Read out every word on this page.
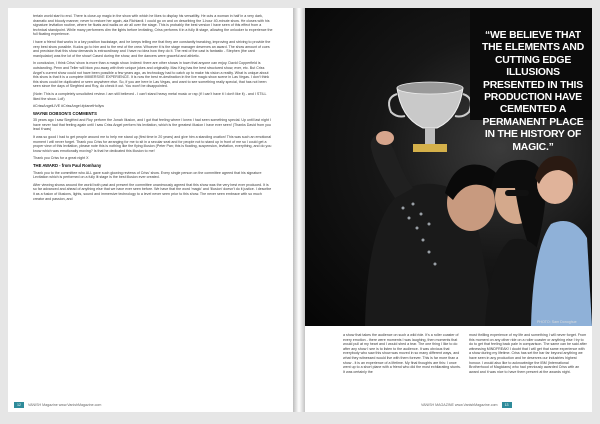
tertain world start to end. There is close-up magic in the show with which he likes to display his versatility. He cuts a woman in half in a very dark, dramatic and bloody manner, never to restore her again, ala Richiardi. I could go on and on describing the 1-hour 40-minute show. He closes with his signature levitation routine, where he floats and walks on air all over the stage. This is probably the best version I have seen of this effect from a technical standpoint. While many performers dim the lights before levitating, Criss performs it in a fully lit stage, allowing the onlooker to experience the full floating experience.

I have a friend that works in a key position backstage, and he keeps telling me that they are constantly tweaking, improving and striving to provide the very best show possible. Kudos go to him and to the rest of the crew. Whoever it is the stage manager deserves an award. The show amount of cues and precision that this show demands is extraordinary and I have no idea how they do it. The rest of the cast is fantastic - Stephen (the card manipulator) was the lot of the show! Cased during the show, and the dancers were graceful and athletic.

In conclusion, I think Criss' show is more than a magic show. Indeed: there are other shows in town that anyone can enjoy. David Copperfield is outstanding. Penn and Teller will blow you away with their unique jokes and originality. Mac King has the best structured show, ever, etc. But Criss Angel's current show could not have been possible a few years ago, as technology had to catch up to make his vision a reality. What is unique about this show is that it is a complete IMMERSIVE EXPERIENCE. It is now the best re-destination in the live magic show scene in Las Vegas. I don't think this show could be duplicated or seen anywhere else. So, if you are here in Las Vegas, and want to see something really special, that has not been seen since the days of Siegfried and Roy, do check it out. You won't be disappointed.

(Note: This is a completely unsolicited review. I am still believed - I can't stand heavy metal music or rap (if I can't have it I don't like it) - and I STILL liked the show. Lol!)

#CrissAngelLIVE #CrissAngel #planetHollyw

WAYNE DOBSON'S COMMENTS

35 years ago I saw Siegfried and Roy perform the Jonah Illusion, and I got that feeling where I knew I had seen something special. Up until last night I have never had that feeling again until I saw Criss Angel perform his levitation, which is the greatest illusion I have ever seen! (Thanks David from you lead it was)

It was so good I had to get people around me to help me stand up (first time in 20 years) and give him a standing ovation! This was such an emotional moment I will never forget. Thank you Criss for arranging for me to sit in a secular seat and for people not to stand up in front of me so I could get a proper view of this levitation, please note this is nothing like the flying illusion (Peter Pan; this is floating, suspension, levitation, everything, and do you know which was emotionally moving? Is that he dedicated this illusion to me!

Thank you Criss for a great night X

THE AWARD - from Paul Romhany

Thank you to the committee who ALL gave such glowing reviews of Criss' show. Every single person on the committee agreed that his signature Levitation which is performed on a fully lit stage is the best illusion ever created.

After viewing shows around the world both past and present the committee unanimously agreed that this show was the very best ever produced. It is so far advanced and ahead of anything else that we have ever seen before. We have that the word 'magic' and 'illusion' doesn't do it justice. I describe it as a fusion of illusions, lights, sound and immersive technology to a level never seen prior to this show. The never seen embrace with so much creator and passion, and

12 VANISH Magazine www.VanishMagazine.com
“WE BELIEVE THAT THE ELEMENTS AND CUTTING EDGE ILLUSIONS PRESENTED IN THIS PRODUCTION HAVE CEMENTED A PERMANENT PLACE IN THE HISTORY OF MAGIC.”
PHOTO: Sam Donoghue

a show that takes the audience on such a wild ride. It's a roller coaster of every emotion - there were moments I was laughing, then moments that would pull at my heart and I would shed a tear. The one thing I like to do after any show I see is to listen to the audience. It was obvious that everybody who saw this show was moved in so many different ways, and what they witnessed would live with them forever. This is far more than a show - it is an experience of a lifetime. My final thoughts are this: I once went up to a short plane with a friend who did the most exhilarating stunts. It was certainly the

most thrilling experience of my life and something I will never forget. From this moment on any other ride on a roller coaster or anything else I try to do to get that feeling back pale in comparison. The same can be said after witnessing MINDFREAK! I doubt that I will get that same experience with a show during my lifetime. Criss has set the bar far beyond anything we have seen in any production and he deserves our industries highest honour. I would also like to acknowledge the IBM (International Brotherhood of Magicians) who had previously awarded Criss with an award and it was nice to have them present at the awards night.

VANISH MAGAZINE www.VanishMagazine.com 13
